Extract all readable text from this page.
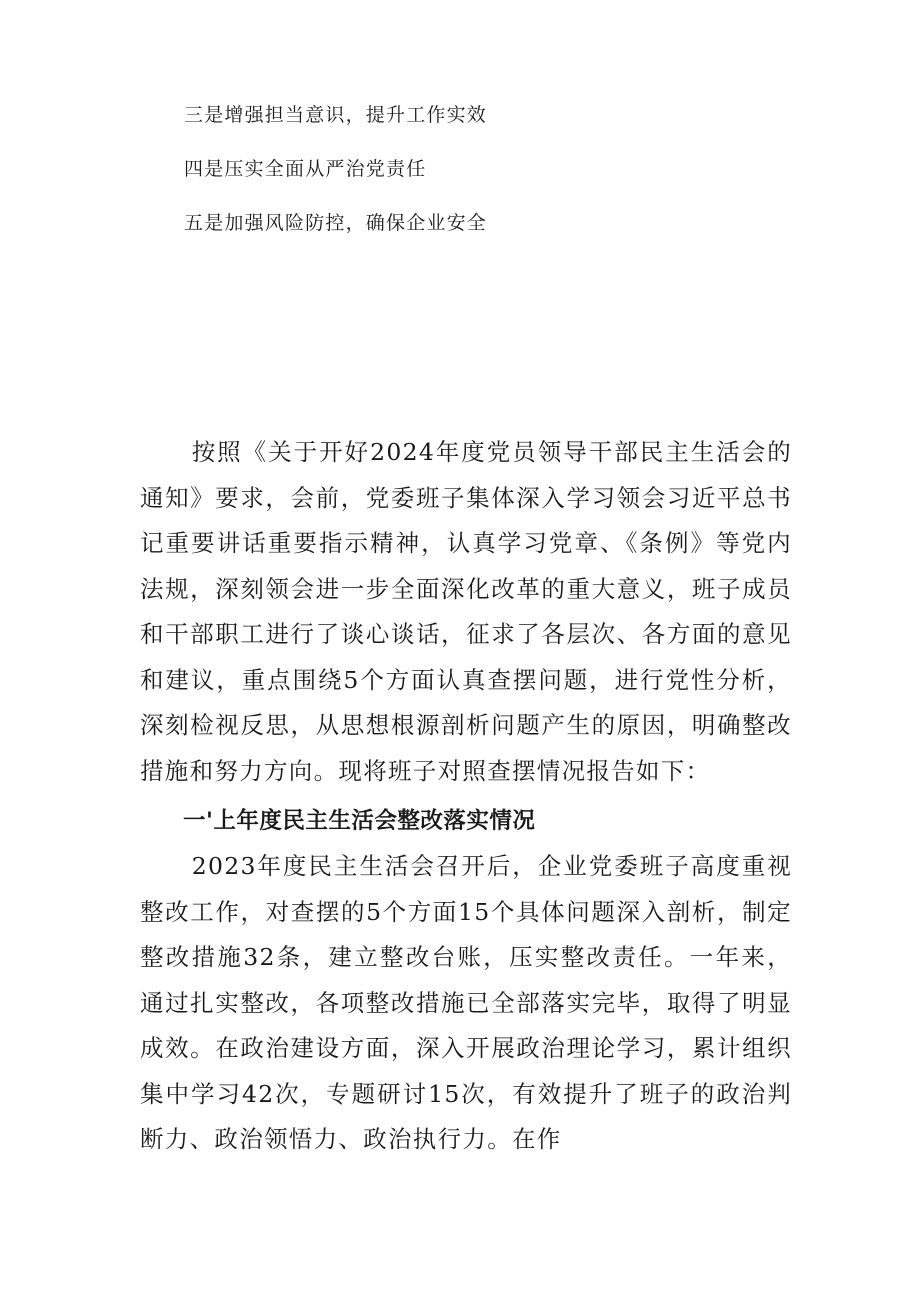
三是增强担当意识，提升工作实效
四是压实全面从严治党责任
五是加强风险防控，确保企业安全

按照《关于开好2024年度党员领导干部民主生活会的通知》要求，会前，党委班子集体深入学习领会习近平总书记重要讲话重要指示精神，认真学习党章、《条例》等党内法规，深刻领会进一步全面深化改革的重大意义，班子成员和干部职工进行了谈心谈话，征求了各层次、各方面的意见和建议，重点围绕5个方面认真查摆问题，进行党性分析，深刻检视反思，从思想根源剖析问题产生的原因，明确整改措施和努力方向。现将班子对照查摆情况报告如下：

一'上年度民主生活会整改落实情况

2023年度民主生活会召开后，企业党委班子高度重视整改工作，对查摆的5个方面15个具体问题深入剖析，制定整改措施32条，建立整改台账，压实整改责任。一年来，通过扎实整改，各项整改措施已全部落实完毕，取得了明显成效。在政治建设方面，深入开展政治理论学习，累计组织集中学习42次，专题研讨15次，有效提升了班子的政治判断力、政治领悟力、政治执行力。在作
